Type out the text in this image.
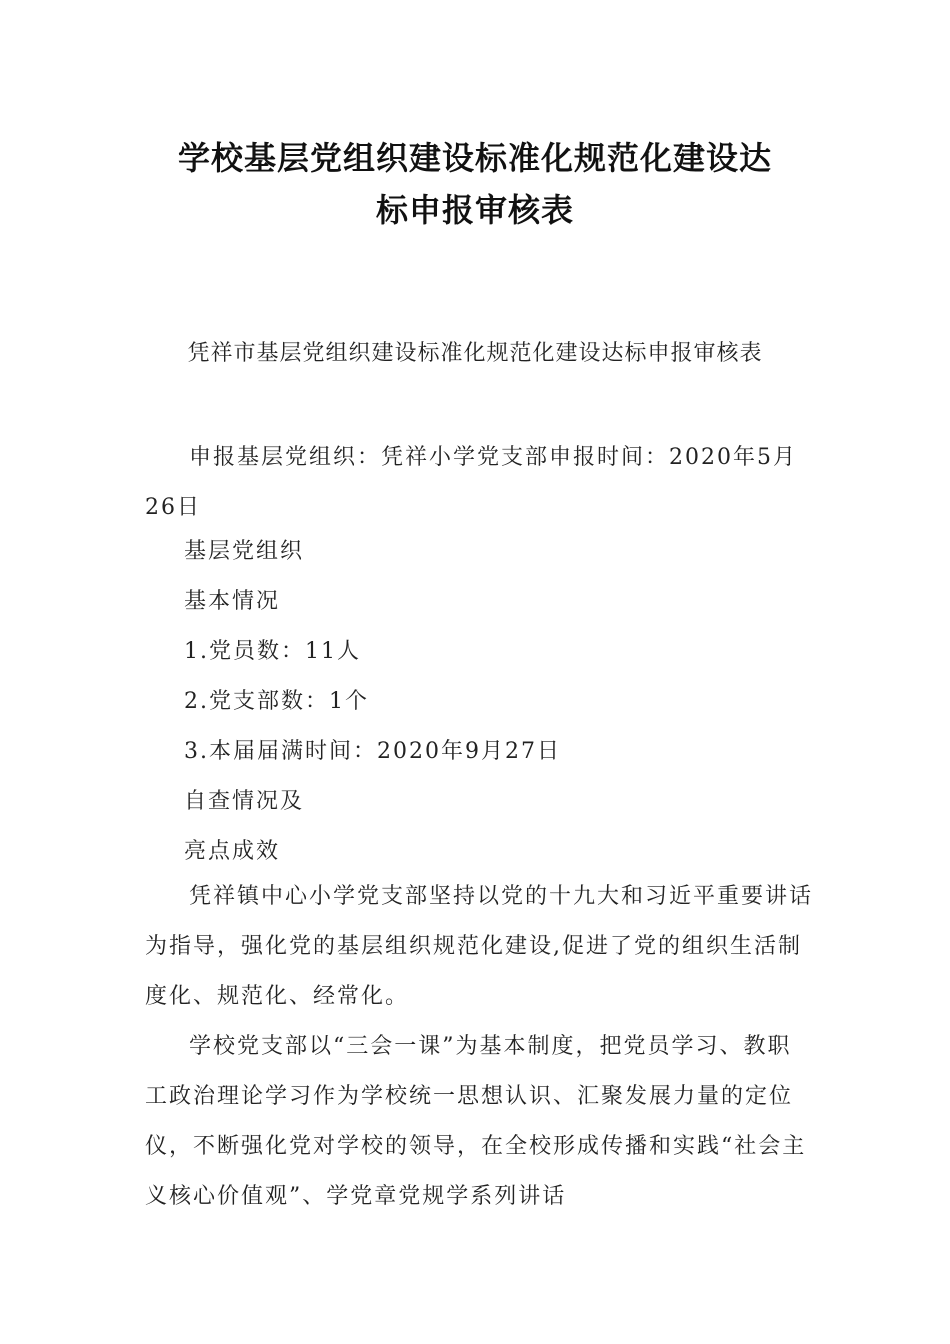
学校基层党组织建设标准化规范化建设达
标申报审核表
凭祥市基层党组织建设标准化规范化建设达标申报审核表

申报基层党组织：凭祥小学党支部申报时间：2020年5月26日

基层党组织

基本情况

1.党员数：11人

2.党支部数：1个

3.本届届满时间：2020年9月27日

自查情况及

亮点成效

凭祥镇中心小学党支部坚持以党的十九大和习近平重要讲话为指导，强化党的基层组织规范化建设,促进了党的组织生活制度化、规范化、经常化。

学校党支部以“三会一课”为基本制度，把党员学习、教职工政治理论学习作为学校统一思想认识、汇聚发展力量的定位仪，不断强化党对学校的领导，在全校形成传播和实践“社会主义核心价值观”、学党章党规学系列讲话
